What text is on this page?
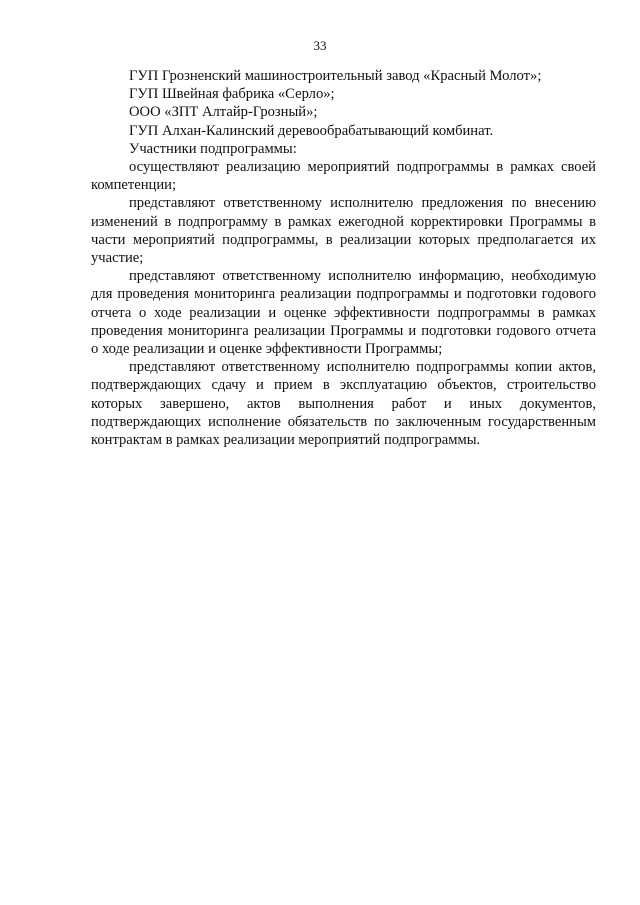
33

ГУП Грозненский машиностроительный завод «Красный Молот»;

ГУП Швейная фабрика «Серло»;

ООО «ЗПТ Алтайр-Грозный»;

ГУП Алхан-Калинский деревообрабатывающий комбинат.

Участники подпрограммы:

осуществляют реализацию мероприятий подпрограммы в рамках своей компетенции;

представляют ответственному исполнителю предложения по внесению изменений в подпрограмму в рамках ежегодной корректировки Программы в части мероприятий подпрограммы, в реализации которых предполагается их участие;

представляют ответственному исполнителю информацию, необходимую для проведения мониторинга реализации подпрограммы и подготовки годового отчета о ходе реализации и оценке эффективности подпрограммы в рамках проведения мониторинга реализации Программы и подготовки годового отчета о ходе реализации и оценке эффективности Программы;

представляют ответственному исполнителю подпрограммы копии актов, подтверждающих сдачу и прием в эксплуатацию объектов, строительство которых завершено, актов выполнения работ и иных документов, подтверждающих исполнение обязательств по заключенным государственным контрактам в рамках реализации мероприятий подпрограммы.
